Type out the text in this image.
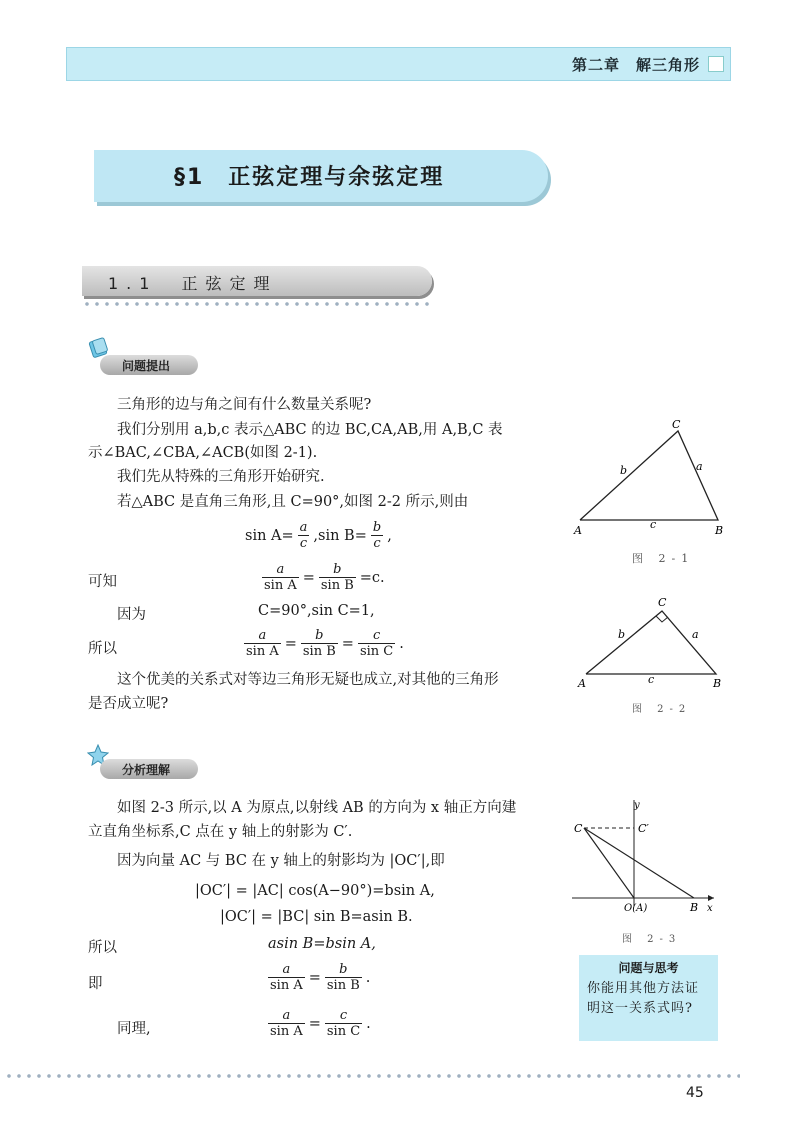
第二章　解三角形
§1　正弦定理与余弦定理
1.1　正弦定理
问题提出
三角形的边与角之间有什么数量关系呢?
我们分别用 a,b,c 表示△ABC 的边 BC,CA,AB,用 A,B,C 表
示∠BAC,∠CBA,∠ACB(如图 2-1).
我们先从特殊的三角形开始研究.
若△ABC 是直角三角形,且 C=90°,如图 2-2 所示,则由
$\sin A= \frac{a}{c} ,\sin$ $B= \frac{b}{c}$ ,
可知	$\frac{a}{\text{sin A}} = \frac{b}{\text{sin B}} =c$.
因为	C=90°,sin C=1,
所以	$\frac{a}{\text{sin A}} = \frac{b}{\text{sin B}} = \frac{c}{\text{sin C}}$ .
这个优美的关系式对等边三角形无疑也成立,对其他的三角形
是否成立呢?
C
b	a
c
A	B
图 2-1
C
b	a
c
A	B
图 2-2
分析理解
如图 2-3 所示,以 A 为原点,以射线 AB 的方向为 x 轴正方向建
立直角坐标系,C 点在 y 轴上的射影为 C′.
因为向量 AC 与 BC 在 y 轴上的射影均为 |OC′|,即
|OC′| = |AC| cos(A−90°)=bsin A,
|OC′| = |BC| sin B=asin B.
所以	asin B=bsin A,
即	$\frac{a}{\text{sin A}} = \frac{b}{\text{sin B}}$ .
同理,	$\frac{a}{\text{sin A}} = \frac{c}{\text{sin C}}$ .
y
C	C′
O(A)	B x
图 2-3
问题与思考
你能用其他方法证明这一关系式吗?
45
